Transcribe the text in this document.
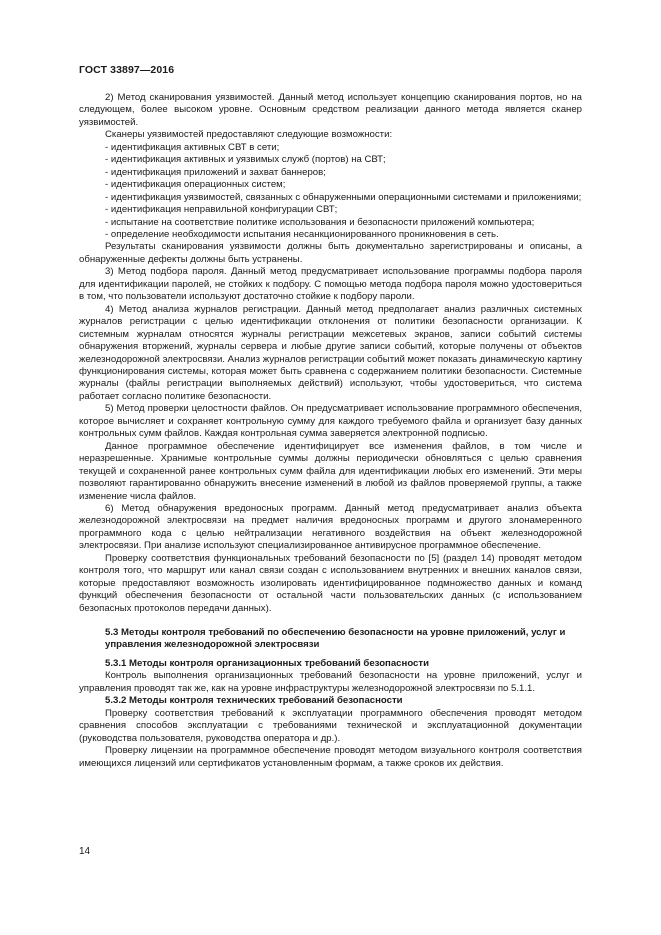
ГОСТ 33897—2016

2) Метод сканирования уязвимостей. Данный метод использует концепцию сканирования портов, но на следующем, более высоком уровне. Основным средством реализации данного метода является сканер уязвимостей.

Сканеры уязвимостей предоставляют следующие возможности:

- идентификация активных СВТ в сети;

- идентификация активных и уязвимых служб (портов) на СВТ;

- идентификация приложений и захват баннеров;

- идентификация операционных систем;

- идентификация уязвимостей, связанных с обнаруженными операционными системами и приложениями;

- идентификация неправильной конфигурации СВТ;

- испытание на соответствие политике использования и безопасности приложений компьютера;

- определение необходимости испытания несанкционированного проникновения в сеть.

Результаты сканирования уязвимости должны быть документально зарегистрированы и описаны, а обнаруженные дефекты должны быть устранены.

3) Метод подбора пароля. Данный метод предусматривает использование программы подбора пароля для идентификации паролей, не стойких к подбору. С помощью метода подбора пароля можно удостовериться в том, что пользователи используют достаточно стойкие к подбору пароли.

4) Метод анализа журналов регистрации. Данный метод предполагает анализ различных системных журналов регистрации с целью идентификации отклонения от политики безопасности организации. К системным журналам относятся журналы регистрации межсетевых экранов, записи событий системы обнаружения вторжений, журналы сервера и любые другие записи событий, которые получены от объектов железнодорожной электросвязи. Анализ журналов регистрации событий может показать динамическую картину функционирования системы, которая может быть сравнена с содержанием политики безопасности. Системные журналы (файлы регистрации выполняемых действий) используют, чтобы удостовериться, что система работает согласно политике безопасности.

5) Метод проверки целостности файлов. Он предусматривает использование программного обеспечения, которое вычисляет и сохраняет контрольную сумму для каждого требуемого файла и организует базу данных контрольных сумм файлов. Каждая контрольная сумма заверяется электронной подписью.

Данное программное обеспечение идентифицирует все изменения файлов, в том числе и неразрешенные. Хранимые контрольные суммы должны периодически обновляться с целью сравнения текущей и сохраненной ранее контрольных сумм файла для идентификации любых его изменений. Эти меры позволяют гарантированно обнаружить внесение изменений в любой из файлов проверяемой группы, а также изменение числа файлов.

6) Метод обнаружения вредоносных программ. Данный метод предусматривает анализ объекта железнодорожной электросвязи на предмет наличия вредоносных программ и другого злонамеренного программного кода с целью нейтрализации негативного воздействия на объект железнодорожной электросвязи. При анализе используют специализированное антивирусное программное обеспечение.

Проверку соответствия функциональных требований безопасности по [5] (раздел 14) проводят методом контроля того, что маршрут или канал связи создан с использованием внутренних и внешних каналов связи, которые предоставляют возможность изолировать идентифицированное подмножество данных и команд функций обеспечения безопасности от остальной части пользовательских данных (с использованием безопасных протоколов передачи данных).

5.3 Методы контроля требований по обеспечению безопасности на уровне приложений, услуг и управления железнодорожной электросвязи
5.3.1 Методы контроля организационных требований безопасности

Контроль выполнения организационных требований безопасности на уровне приложений, услуг и управления проводят так же, как на уровне инфраструктуры железнодорожной электросвязи по 5.1.1.

5.3.2 Методы контроля технических требований безопасности

Проверку соответствия требований к эксплуатации программного обеспечения проводят методом сравнения способов эксплуатации с требованиями технической и эксплуатационной документации (руководства пользователя, руководства оператора и др.).

Проверку лицензии на программное обеспечение проводят методом визуального контроля соответствия имеющихся лицензий или сертификатов установленным формам, а также сроков их действия.

14
